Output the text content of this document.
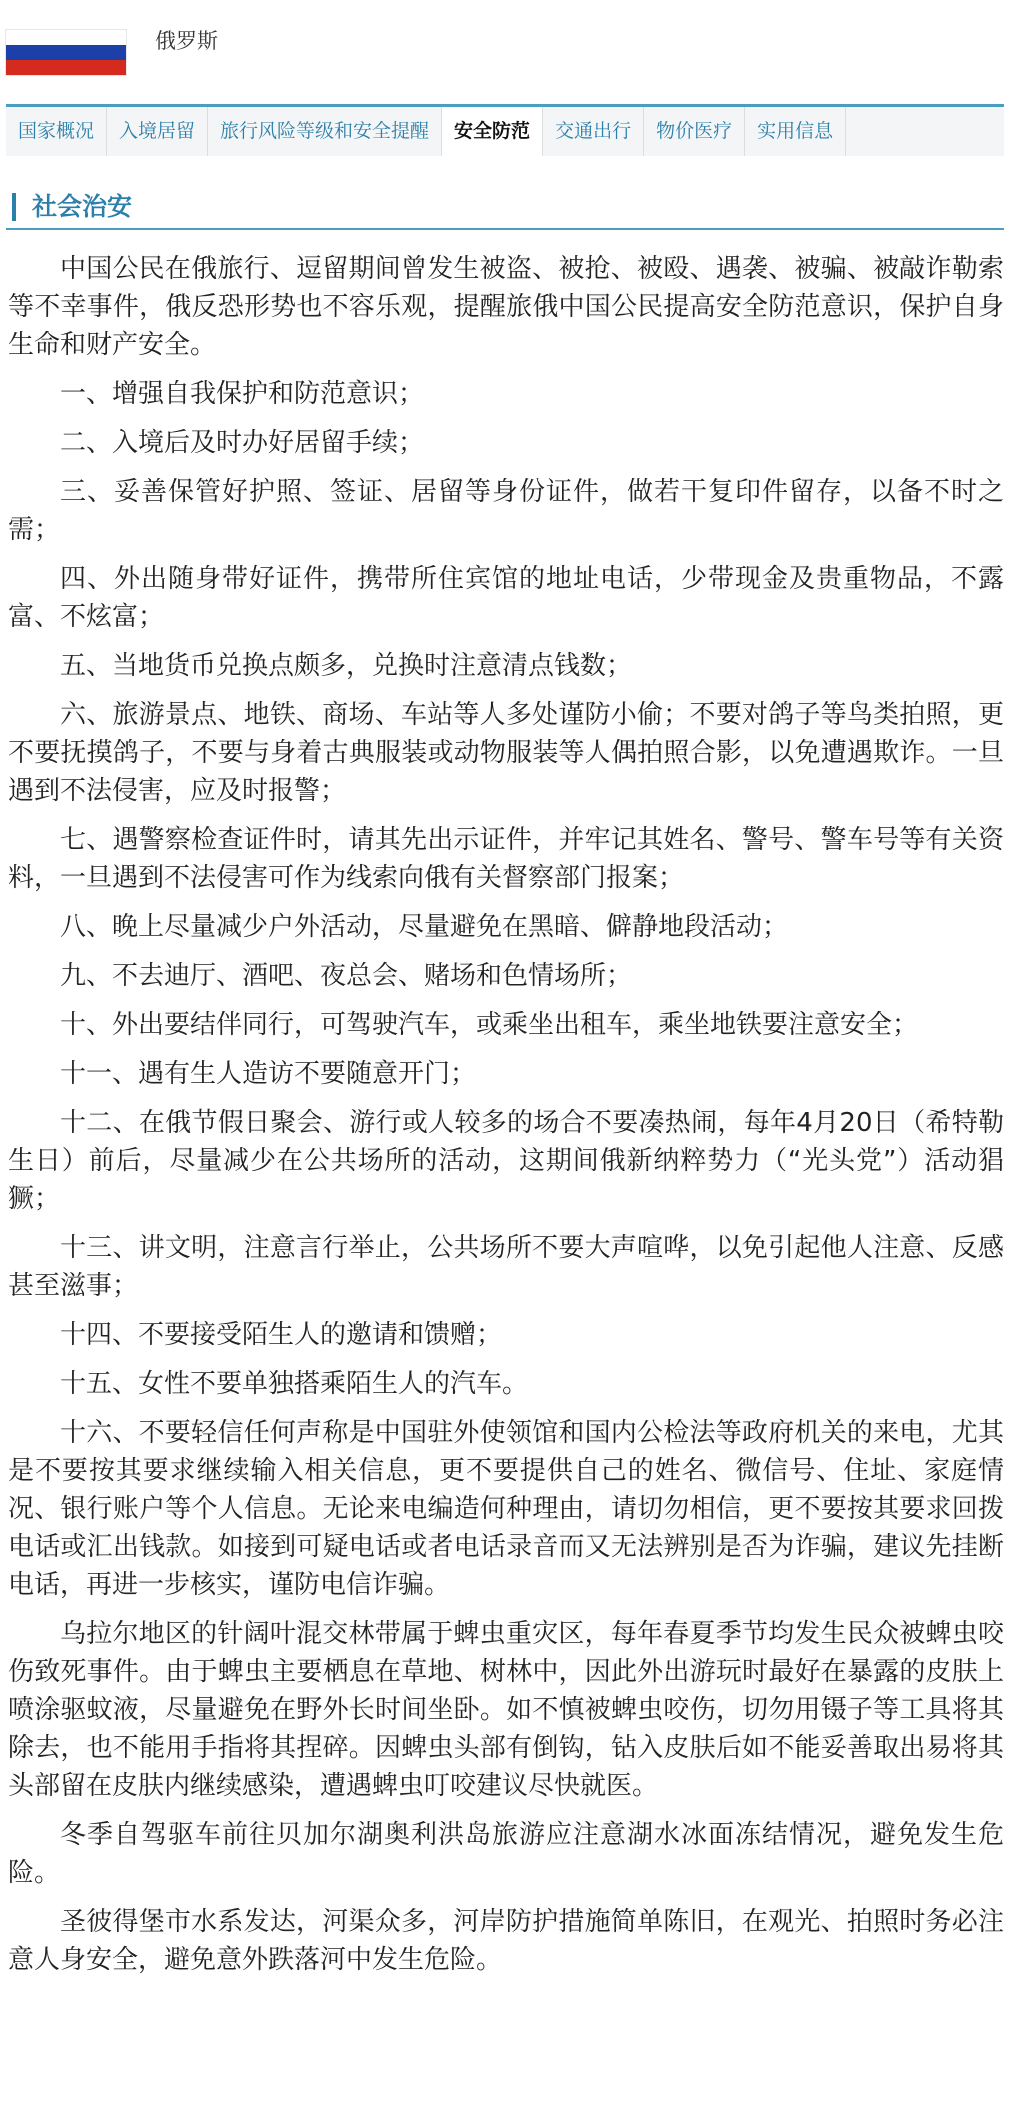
俄罗斯
国家概况	入境居留	旅行风险等级和安全提醒	安全防范	交通出行	物价医疗	实用信息
社会治安

中国公民在俄旅行、逗留期间曾发生被盗、被抢、被殴、遇袭、被骗、被敲诈勒索等不幸事件，俄反恐形势也不容乐观，提醒旅俄中国公民提高安全防范意识，保护自身生命和财产安全。

一、增强自我保护和防范意识；

二、入境后及时办好居留手续；

三、妥善保管好护照、签证、居留等身份证件，做若干复印件留存，以备不时之需；

四、外出随身带好证件，携带所住宾馆的地址电话，少带现金及贵重物品，不露富、不炫富；

五、当地货币兑换点颇多，兑换时注意清点钱数；

六、旅游景点、地铁、商场、车站等人多处谨防小偷；不要对鸽子等鸟类拍照，更不要抚摸鸽子，不要与身着古典服装或动物服装等人偶拍照合影，以免遭遇欺诈。一旦遇到不法侵害，应及时报警；

七、遇警察检查证件时，请其先出示证件，并牢记其姓名、警号、警车号等有关资料，一旦遇到不法侵害可作为线索向俄有关督察部门报案；

八、晚上尽量减少户外活动，尽量避免在黑暗、僻静地段活动；

九、不去迪厅、酒吧、夜总会、赌场和色情场所；

十、外出要结伴同行，可驾驶汽车，或乘坐出租车，乘坐地铁要注意安全；

十一、遇有生人造访不要随意开门；

十二、在俄节假日聚会、游行或人较多的场合不要凑热闹，每年4月20日（希特勒生日）前后，尽量减少在公共场所的活动，这期间俄新纳粹势力（“光头党”）活动猖獗；

十三、讲文明，注意言行举止，公共场所不要大声喧哗，以免引起他人注意、反感甚至滋事；

十四、不要接受陌生人的邀请和馈赠；

十五、女性不要单独搭乘陌生人的汽车。

十六、不要轻信任何声称是中国驻外使领馆和国内公检法等政府机关的来电，尤其是不要按其要求继续输入相关信息，更不要提供自己的姓名、微信号、住址、家庭情况、银行账户等个人信息。无论来电编造何种理由，请切勿相信，更不要按其要求回拨电话或汇出钱款。如接到可疑电话或者电话录音而又无法辨别是否为诈骗，建议先挂断电话，再进一步核实，谨防电信诈骗。

乌拉尔地区的针阔叶混交林带属于蜱虫重灾区，每年春夏季节均发生民众被蜱虫咬伤致死事件。由于蜱虫主要栖息在草地、树林中，因此外出游玩时最好在暴露的皮肤上喷涂驱蚊液，尽量避免在野外长时间坐卧。如不慎被蜱虫咬伤，切勿用镊子等工具将其除去，也不能用手指将其捏碎。因蜱虫头部有倒钩，钻入皮肤后如不能妥善取出易将其头部留在皮肤内继续感染，遭遇蜱虫叮咬建议尽快就医。

冬季自驾驱车前往贝加尔湖奥利洪岛旅游应注意湖水冰面冻结情况，避免发生危险。

圣彼得堡市水系发达，河渠众多，河岸防护措施简单陈旧，在观光、拍照时务必注意人身安全，避免意外跌落河中发生危险。
